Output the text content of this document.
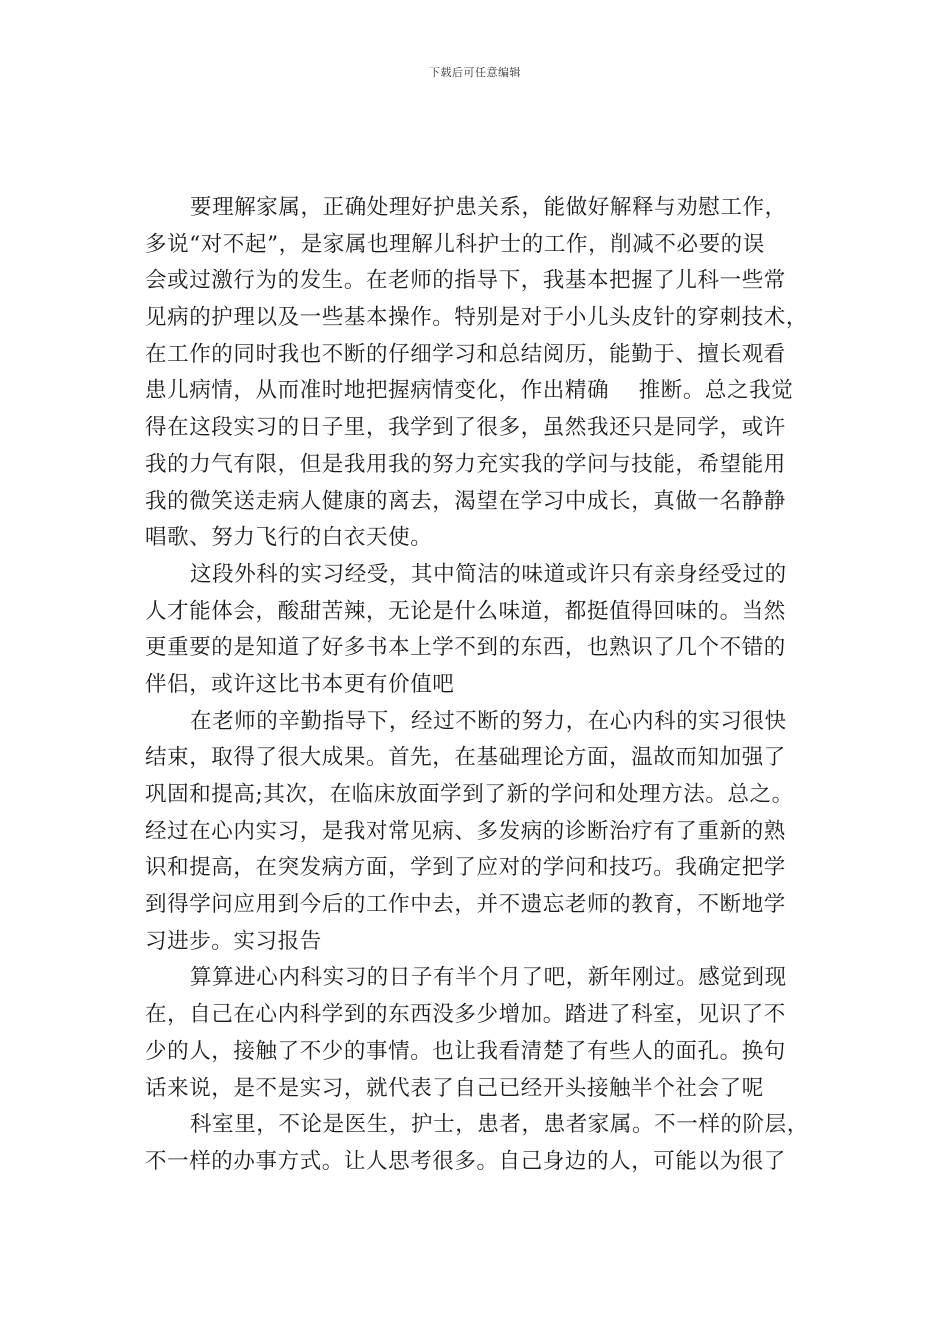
下载后可任意编辑
要理解家属，正确处理好护患关系，能做好解释与劝慰工作，
多说“对不起”，是家属也理解儿科护士的工作，削减不必要的误
会或过激行为的发生。在老师的指导下，我基本把握了儿科一些常
见病的护理以及一些基本操作。特别是对于小儿头皮针的穿刺技术，
在工作的同时我也不断的仔细学习和总结阅历，能勤于、擅长观看
患儿病情，从而准时地把握病情变化，作出精确　 推断。总之我觉
得在这段实习的日子里，我学到了很多，虽然我还只是同学，或许
我的力气有限，但是我用我的努力充实我的学问与技能，希望能用
我的微笑送走病人健康的离去，渴望在学习中成长，真做一名静静
唱歌、努力飞行的白衣天使。
这段外科的实习经受，其中简洁的味道或许只有亲身经受过的
人才能体会，酸甜苦辣，无论是什么味道，都挺值得回味的。当然
更重要的是知道了好多书本上学不到的东西，也熟识了几个不错的
伴侣，或许这比书本更有价值吧
在老师的辛勤指导下，经过不断的努力，在心内科的实习很快
结束，取得了很大成果。首先，在基础理论方面，温故而知加强了
巩固和提高;其次，在临床放面学到了新的学问和处理方法。总之。
经过在心内实习，是我对常见病、多发病的诊断治疗有了重新的熟
识和提高，在突发病方面，学到了应对的学问和技巧。我确定把学
到得学问应用到今后的工作中去，并不遗忘老师的教育，不断地学
习进步。实习报告
算算进心内科实习的日子有半个月了吧，新年刚过。感觉到现
在，自己在心内科学到的东西没多少增加。踏进了科室，见识了不
少的人，接触了不少的事情。也让我看清楚了有些人的面孔。换句
话来说，是不是实习，就代表了自己已经开头接触半个社会了呢
科室里，不论是医生，护士，患者，患者家属。不一样的阶层，
不一样的办事方式。让人思考很多。自己身边的人，可能以为很了
